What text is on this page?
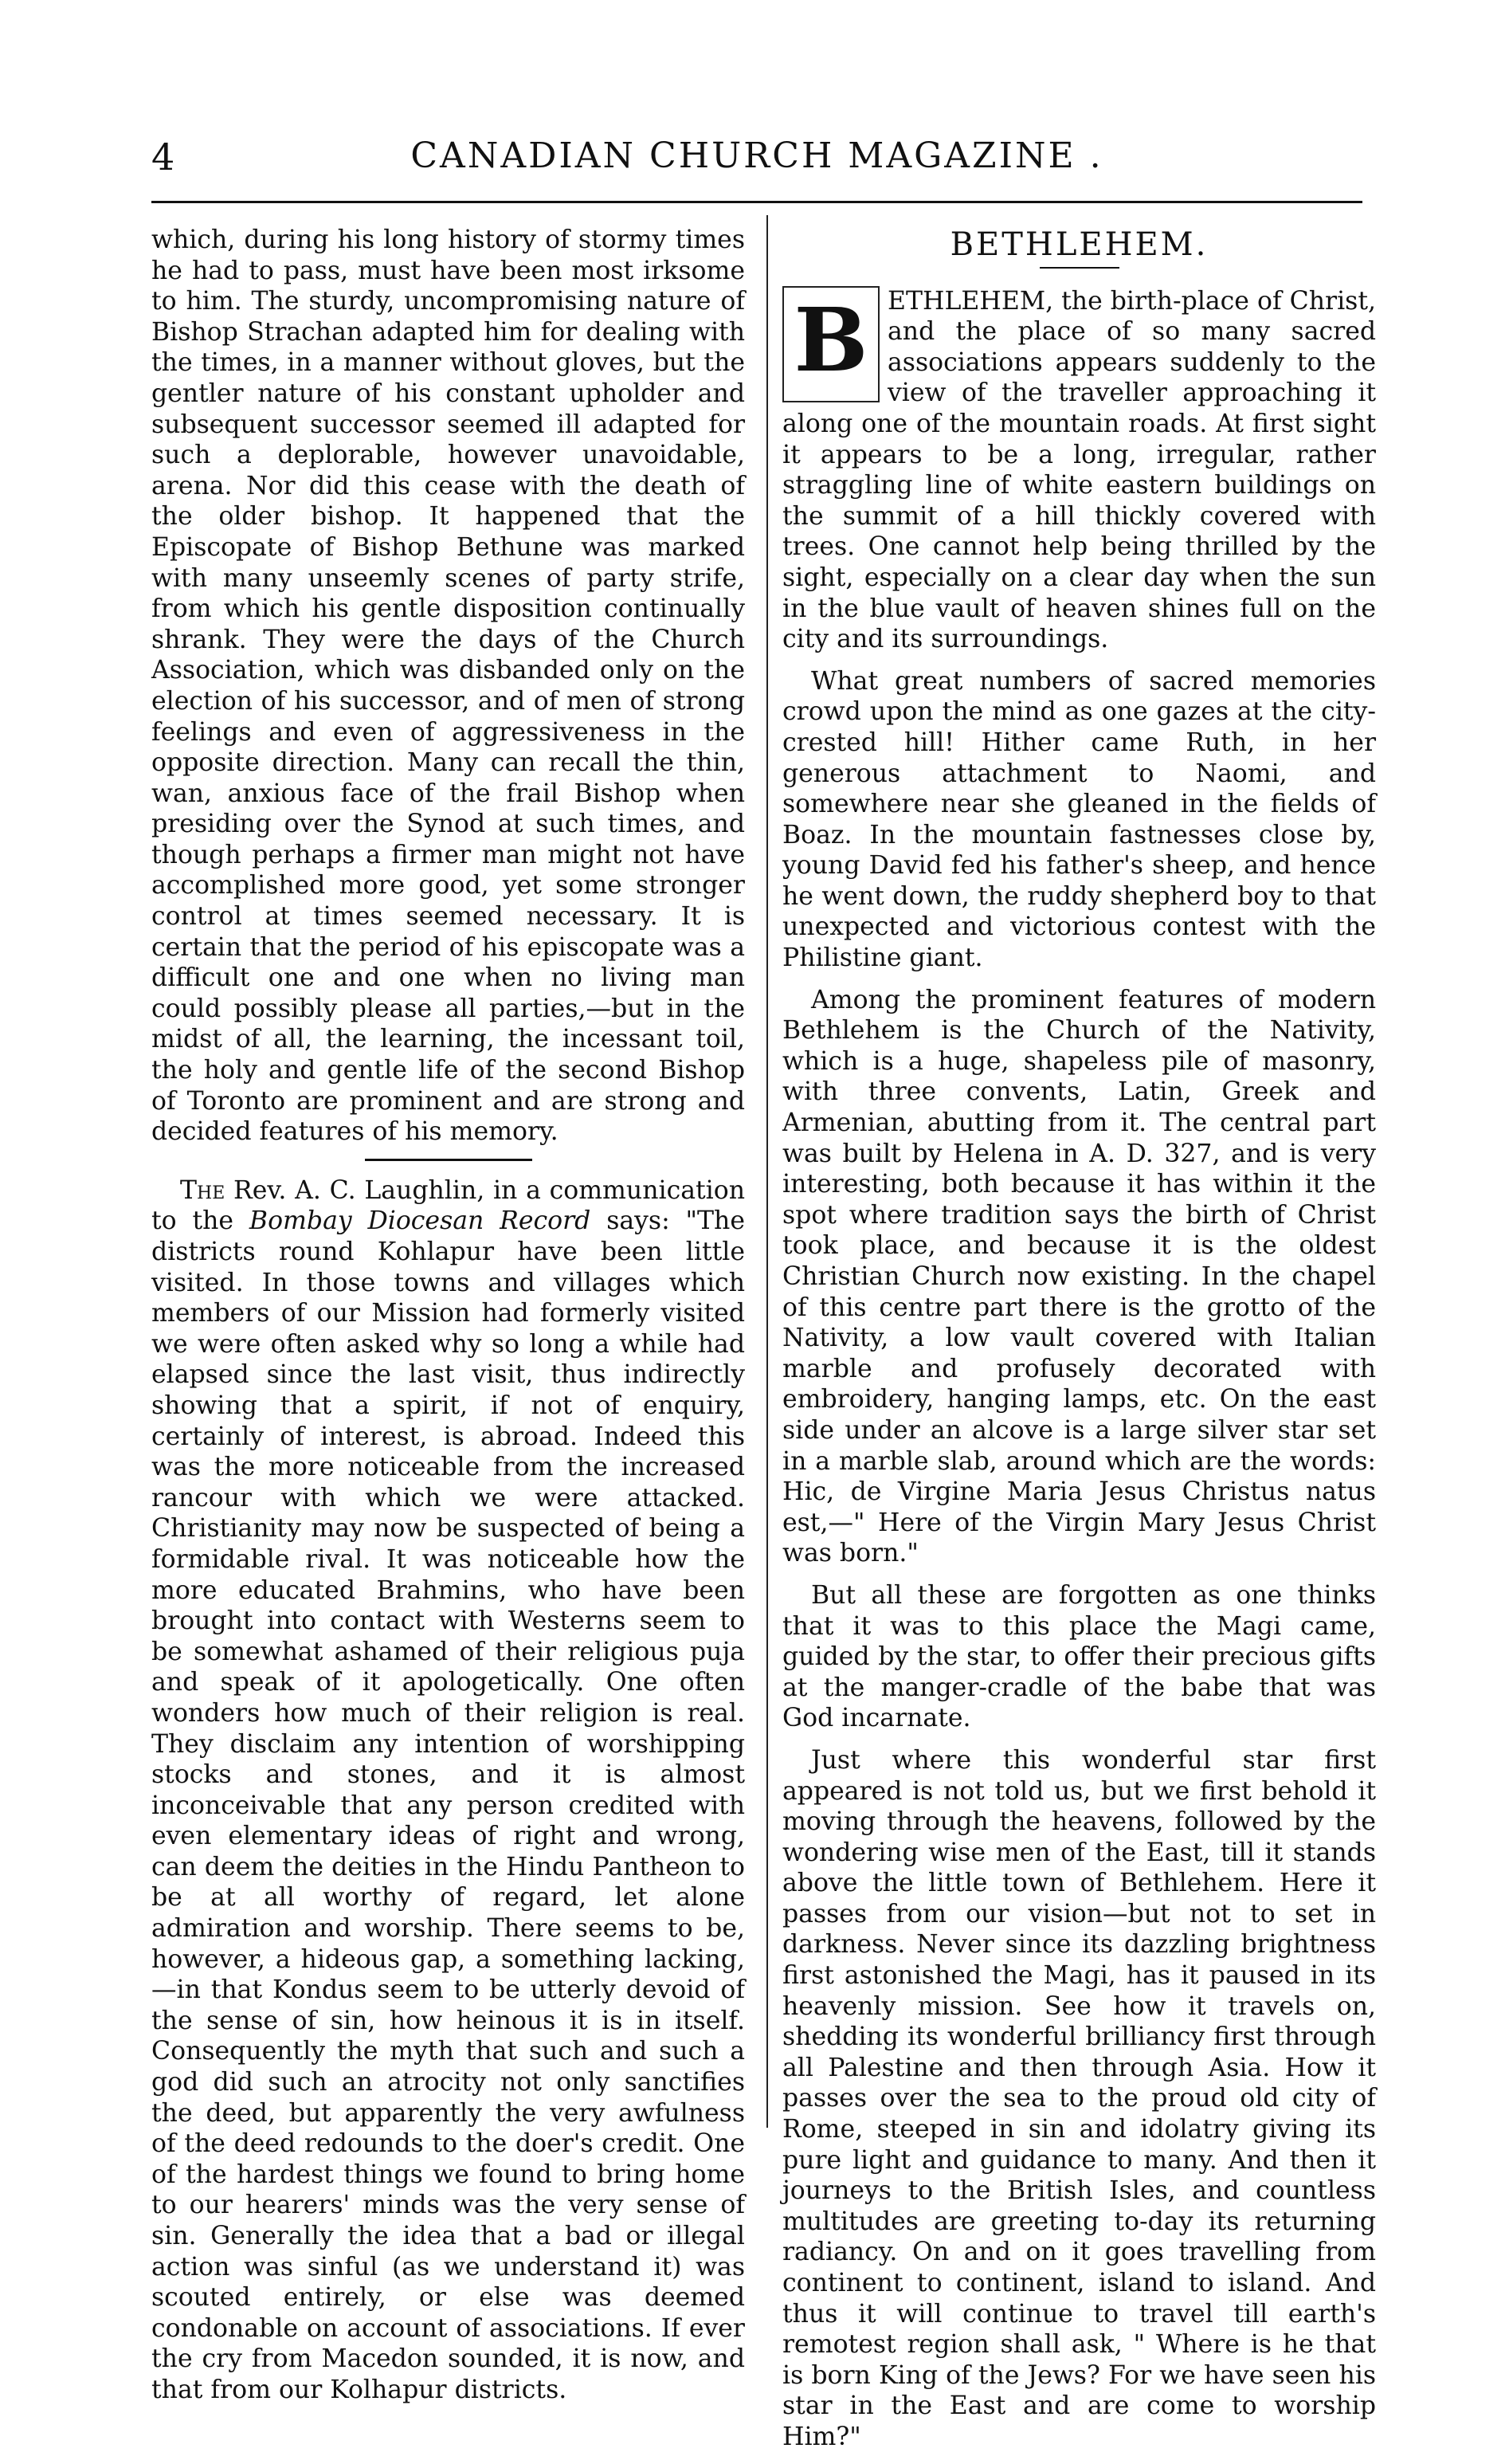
4	CANADIAN CHURCH MAGAZINE .

which, during his long history of stormy times he had to pass, must have been most irksome to him. The sturdy, uncompromising nature of Bishop Strachan adapted him for dealing with the times, in a manner without gloves, but the gentler nature of his constant upholder and subsequent successor seemed ill adapted for such a deplorable, however unavoidable, arena. Nor did this cease with the death of the older bishop. It happened that the Episcopate of Bishop Bethune was marked with many unseemly scenes of party strife, from which his gentle disposition continually shrank. They were the days of the Church Association, which was disbanded only on the election of his successor, and of men of strong feelings and even of aggressiveness in the opposite direction. Many can recall the thin, wan, anxious face of the frail Bishop when presiding over the Synod at such times, and though perhaps a firmer man might not have accomplished more good, yet some stronger control at times seemed necessary. It is certain that the period of his episcopate was a difficult one and one when no living man could possibly please all parties,—but in the midst of all, the learning, the incessant toil, the holy and gentle life of the second Bishop of Toronto are prominent and are strong and decided features of his memory.

The Rev. A. C. Laughlin, in a communication to the Bombay Diocesan Record says: "The districts round Kohlapur have been little visited. In those towns and villages which members of our Mission had formerly visited we were often asked why so long a while had elapsed since the last visit, thus indirectly showing that a spirit, if not of enquiry, certainly of interest, is abroad. Indeed this was the more noticeable from the increased rancour with which we were attacked. Christianity may now be suspected of being a formidable rival. It was noticeable how the more educated Brahmins, who have been brought into contact with Westerns seem to be somewhat ashamed of their religious puja and speak of it apologetically. One often wonders how much of their religion is real. They disclaim any intention of worshipping stocks and stones, and it is almost inconceivable that any person credited with even elementary ideas of right and wrong, can deem the deities in the Hindu Pantheon to be at all worthy of regard, let alone admiration and worship. There seems to be, however, a hideous gap, a something lacking,—in that Kondus seem to be utterly devoid of the sense of sin, how heinous it is in itself. Consequently the myth that such and such a god did such an atrocity not only sanctifies the deed, but apparently the very awfulness of the deed redounds to the doer's credit. One of the hardest things we found to bring home to our hearers' minds was the very sense of sin. Generally the idea that a bad or illegal action was sinful (as we understand it) was scouted entirely, or else was deemed condonable on account of associations. If ever the cry from Macedon sounded, it is now, and that from our Kolhapur districts.

BETHLEHEM.

B ETHLEHEM, the birth-place of Christ, and the place of so many sacred associations appears suddenly to the view of the traveller approaching it along one of the mountain roads. At first sight it appears to be a long, irregular, rather straggling line of white eastern buildings on the summit of a hill thickly covered with trees. One cannot help being thrilled by the sight, especially on a clear day when the sun in the blue vault of heaven shines full on the city and its surroundings.

What great numbers of sacred memories crowd upon the mind as one gazes at the city-crested hill! Hither came Ruth, in her generous attachment to Naomi, and somewhere near she gleaned in the fields of Boaz. In the mountain fastnesses close by, young David fed his father's sheep, and hence he went down, the ruddy shepherd boy to that unexpected and victorious contest with the Philistine giant.

Among the prominent features of modern Bethlehem is the Church of the Nativity, which is a huge, shapeless pile of masonry, with three convents, Latin, Greek and Armenian, abutting from it. The central part was built by Helena in A. D. 327, and is very interesting, both because it has within it the spot where tradition says the birth of Christ took place, and because it is the oldest Christian Church now existing. In the chapel of this centre part there is the grotto of the Nativity, a low vault covered with Italian marble and profusely decorated with embroidery, hanging lamps, etc. On the east side under an alcove is a large silver star set in a marble slab, around which are the words: Hic, de Virgine Maria Jesus Christus natus est,—" Here of the Virgin Mary Jesus Christ was born."

But all these are forgotten as one thinks that it was to this place the Magi came, guided by the star, to offer their precious gifts at the manger-cradle of the babe that was God incarnate.

Just where this wonderful star first appeared is not told us, but we first behold it moving through the heavens, followed by the wondering wise men of the East, till it stands above the little town of Bethlehem. Here it passes from our vision—but not to set in darkness. Never since its dazzling brightness first astonished the Magi, has it paused in its heavenly mission. See how it travels on, shedding its wonderful brilliancy first through all Palestine and then through Asia. How it passes over the sea to the proud old city of Rome, steeped in sin and idolatry giving its pure light and guidance to many. And then it journeys to the British Isles, and countless multitudes are greeting to-day its returning radiancy. On and on it goes travelling from continent to continent, island to island. And thus it will continue to travel till earth's remotest region shall ask, " Where is he that is born King of the Jews? For we have seen his star in the East and are come to worship Him?"
